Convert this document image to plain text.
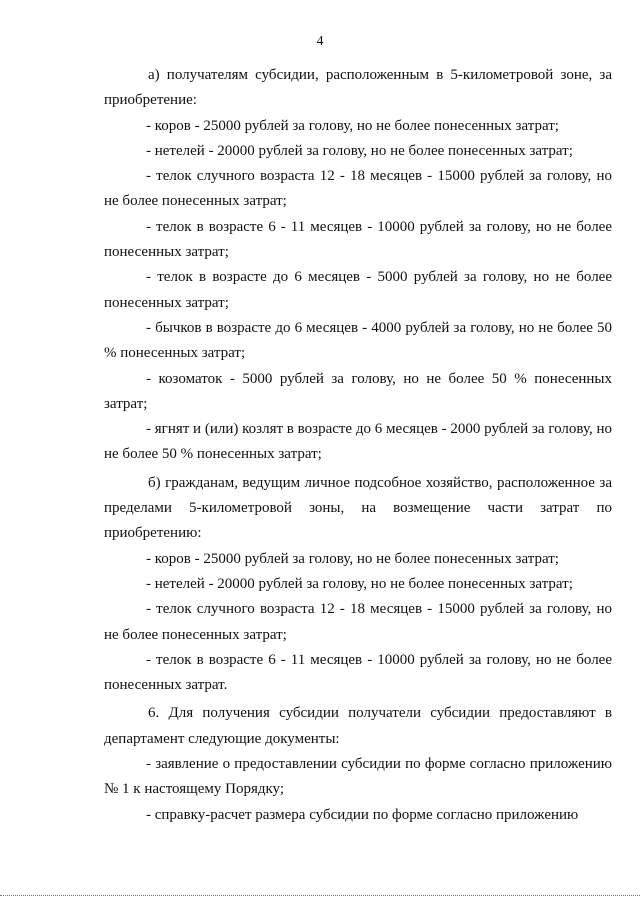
4

а) получателям субсидии, расположенным в 5-километровой зоне, за приобретение:

- коров - 25000 рублей за голову, но не более понесенных затрат;

- нетелей - 20000 рублей за голову, но не более понесенных затрат;

- телок случного возраста 12 - 18 месяцев - 15000 рублей за голову, но не более понесенных затрат;

- телок в возрасте 6 - 11 месяцев - 10000 рублей за голову, но не более понесенных затрат;

- телок в возрасте до 6 месяцев - 5000 рублей за голову, но не более понесенных затрат;

- бычков в возрасте до 6 месяцев - 4000 рублей за голову, но не более 50 % понесенных затрат;

- козоматок - 5000 рублей за голову, но не более 50 % понесенных затрат;

- ягнят и (или) козлят в возрасте до 6 месяцев - 2000 рублей за голову, но не более 50 % понесенных затрат;

б) гражданам, ведущим личное подсобное хозяйство, расположенное за пределами 5-километровой зоны, на возмещение части затрат по приобретению:

- коров - 25000 рублей за голову, но не более понесенных затрат;

- нетелей - 20000 рублей за голову, но не более понесенных затрат;

- телок случного возраста 12 - 18 месяцев - 15000 рублей за голову, но не более понесенных затрат;

- телок в возрасте 6 - 11 месяцев - 10000 рублей за голову, но не более понесенных затрат.

6. Для получения субсидии получатели субсидии предоставляют в департамент следующие документы:

- заявление о предоставлении субсидии по форме согласно приложению № 1 к настоящему Порядку;

- справку-расчет размера субсидии по форме согласно приложению
